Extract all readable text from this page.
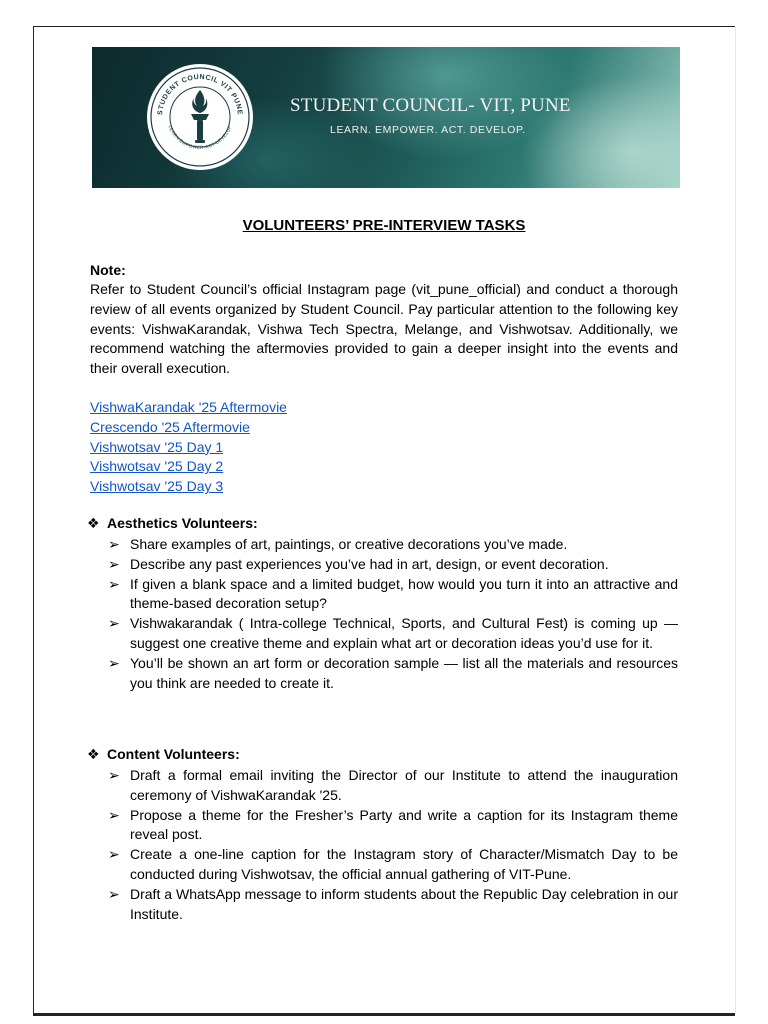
STUDENT COUNCIL VIT PUNE
LEARN-EMPOWER-ACT-DEVELOP
STUDENT COUNCIL- VIT, PUNE
LEARN. EMPOWER. ACT. DEVELOP.
VOLUNTEERS’ PRE-INTERVIEW TASKS
Note:
Refer to Student Council’s official Instagram page (vit_pune_official) and conduct a thorough review of all events organized by Student Council. Pay particular attention to the following key events: VishwaKarandak, Vishwa Tech Spectra, Melange, and Vishwotsav. Additionally, we recommend watching the aftermovies provided to gain a deeper insight into the events and their overall execution.
VishwaKarandak '25 Aftermovie
Crescendo '25 Aftermovie
Vishwotsav '25 Day 1
Vishwotsav '25 Day 2
Vishwotsav '25 Day 3
❖ Aesthetics Volunteers:
➢ Share examples of art, paintings, or creative decorations you’ve made.
➢ Describe any past experiences you’ve had in art, design, or event decoration.
➢ If given a blank space and a limited budget, how would you turn it into an attractive and theme-based decoration setup?
➢ Vishwakarandak ( Intra-college Technical, Sports, and Cultural Fest) is coming up — suggest one creative theme and explain what art or decoration ideas you’d use for it.
➢ You’ll be shown an art form or decoration sample — list all the materials and resources you think are needed to create it.
❖ Content Volunteers:
➢ Draft a formal email inviting the Director of our Institute to attend the inauguration ceremony of VishwaKarandak '25.
➢ Propose a theme for the Fresher’s Party and write a caption for its Instagram theme reveal post.
➢ Create a one-line caption for the Instagram story of Character/Mismatch Day to be conducted during Vishwotsav, the official annual gathering of VIT-Pune.
➢ Draft a WhatsApp message to inform students about the Republic Day celebration in our Institute.
